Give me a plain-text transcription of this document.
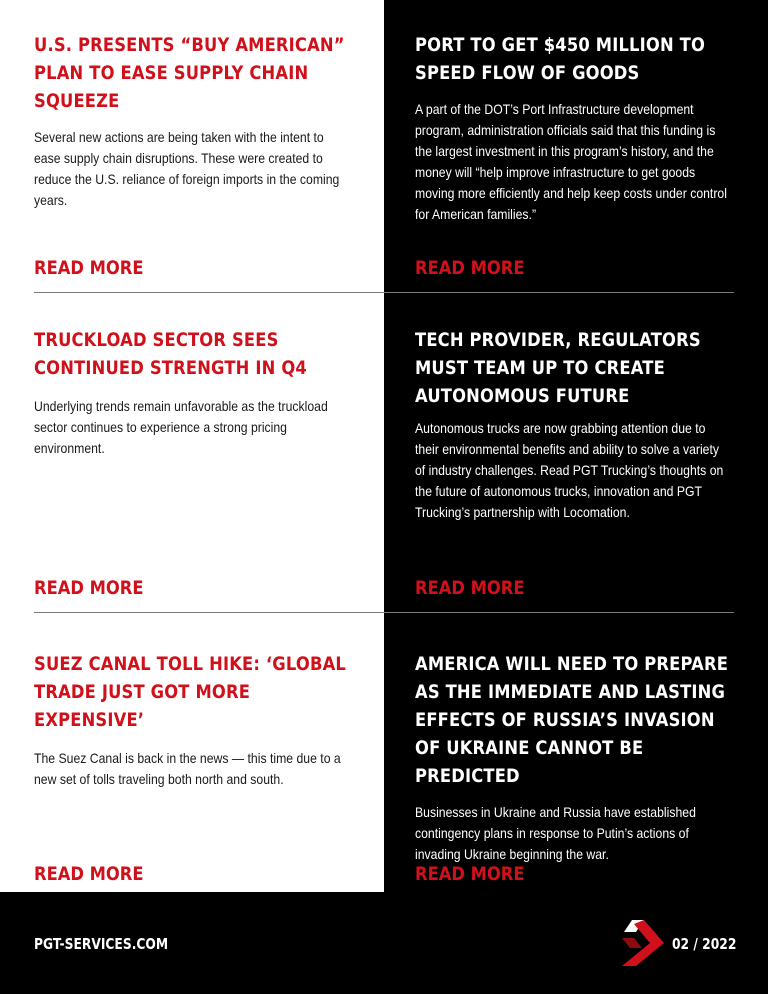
U.S. PRESENTS “BUY AMERICAN” PLAN TO EASE SUPPLY CHAIN SQUEEZE

Several new actions are being taken with the intent to ease supply chain disruptions. These were created to reduce the U.S. reliance of foreign imports in the coming years.

READ MORE
PORT TO GET $450 MILLION TO SPEED FLOW OF GOODS

A part of the DOT’s Port Infrastructure development program, administration officials said that this funding is the largest investment in this program’s history, and the money will “help improve infrastructure to get goods moving more efficiently and help keep costs under control for American families.”

READ MORE
TRUCKLOAD SECTOR SEES CONTINUED STRENGTH IN Q4

Underlying trends remain unfavorable as the truckload sector continues to experience a strong pricing environment.

READ MORE
TECH PROVIDER, REGULATORS MUST TEAM UP TO CREATE AUTONOMOUS FUTURE

Autonomous trucks are now grabbing attention due to their environmental benefits and ability to solve a variety of industry challenges. Read PGT Trucking’s thoughts on the future of autonomous trucks, innovation and PGT Trucking’s partnership with Locomation.

READ MORE
SUEZ CANAL TOLL HIKE: ‘GLOBAL TRADE JUST GOT MORE EXPENSIVE’

The Suez Canal is back in the news — this time due to a new set of tolls traveling both north and south.

READ MORE
AMERICA WILL NEED TO PREPARE AS THE IMMEDIATE AND LASTING EFFECTS OF RUSSIA’S INVASION OF UKRAINE CANNOT BE PREDICTED

Businesses in Ukraine and Russia have established contingency plans in response to Putin’s actions of invading Ukraine beginning the war.

READ MORE
PGT-SERVICES.COM	02 / 2022
